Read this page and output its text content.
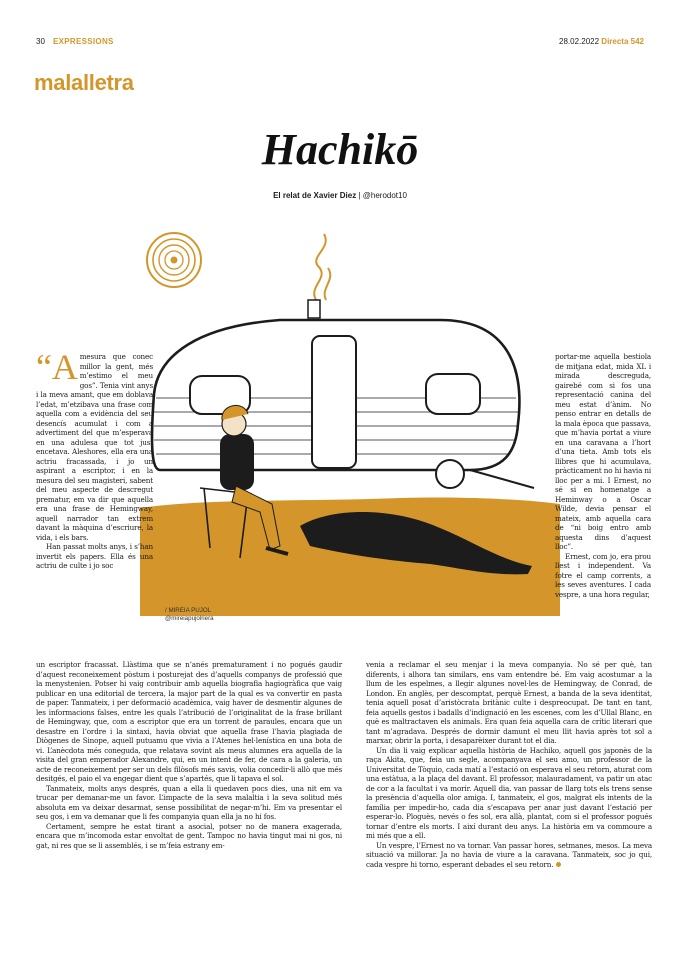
30 EXPRESSIONS	28.02.2022 Directa 542
malalletra
Hachikō
El relat de Xavier Diez | @herodot10
/ MIREIA PUJOL
@mireiapujolriera

“Amesura que conec millor la gent, més m’estimo el meu gos”. Tenia vint anys i la meva amant, que em doblava l’edat, m’etzibava una frase com aquella com a evidència del seu desencís acumulat i com a advertiment del que m’esperava en una adulesa que tot just encetava. Aleshores, ella era una actriu fracassada, i jo un aspirant a escriptor, i en la mesura del seu magisteri, sabent del meu aspecte de descregut prematur, em va dir que aquella era una frase de Hemingway, aquell narrador tan extrem davant la màquina d’escriure, la vida, i els bars.

Han passat molts anys, i s’han invertit els papers. Ella és una actriu de culte i jo soc

portar-me aquella bestiola de mitjana edat, mida XL i mirada descreguda, gairebé com si fos una representació canina del meu estat d’ànim. No penso entrar en detalls de la mala època que passava, que m’havia portat a viure en una caravana a l’hort d’una tieta. Amb tots els llibres que hi acumulava, pràcticament no hi havia ni lloc per a mi. I Ernest, no sé si en homenatge a Heminway o a Oscar Wilde, devia pensar el mateix, amb aquella cara de “ni boig entro amb aquesta dins d’aquest lloc”.

Ernest, com jo, era prou llest i independent. Va fotre el camp corrents, a les seves aventures. I cada vespre, a una hora regular,

un escriptor fracassat. Llàstima que se n’anés prematurament i no pogués gaudir d’aquest reconeixement pòstum i posturejat des d’aquells companys de professió que la menystenien. Potser hi vaig contribuir amb aquella biografia hagiogràfica que vaig publicar en una editorial de tercera, la major part de la qual es va convertir en pasta de paper. Tanmateix, i per deformació acadèmica, vaig haver de desmentir algunes de les informacions falses, entre les quals l’atribució de l’originalitat de la frase brillant de Hemingway, que, com a escriptor que era un torrent de paraules, encara que un desastre en l’ordre i la sintaxi, havia obviat que aquella frase l’havia plagiada de Diògenes de Sinope, aquell putuamu que vivia a l’Atenes hel·lenística en una bota de vi. L’anècdota més coneguda, que relatava sovint als meus alumnes era aquella de la visita del gran emperador Alexandre, qui, en un intent de fer, de cara a la galeria, un acte de reconeixement per ser un dels filòsofs més savis, volia concedir-li allò que més desitgés, el paio el va engegar dient que s’apartés, que li tapava el sol.

Tanmateix, molts anys després, quan a ella li quedaven pocs dies, una nit em va trucar per demanar-me un favor. L’impacte de la seva malaltia i la seva solitud més absoluta em va deixar desarmat, sense possibilitat de negar-m’hi. Em va presentar el seu gos, i em va demanar que li fes companyia quan ella ja no hi fos.

Certament, sempre he estat tirant a asocial, potser no de manera exagerada, encara que m’incomoda estar envoltat de gent. Tampoc no havia tingut mai ni gos, ni gat, ni res que se li assemblés, i se m’feia estrany em-

venia a reclamar el seu menjar i la meva companyia. No sé per què, tan diferents, i alhora tan similars, ens vam entendre bé. Em vaig acostumar a la llum de les espelmes, a llegir algunes novel·les de Hemingway, de Conrad, de London. En anglès, per descomptat, perquè Ernest, a banda de la seva identitat, tenia aquell posat d’aristòcrata britànic culte i despreocupat. De tant en tant, feia aquells gestos i badalls d’indignació en les escenes, com les d’Ullal Blanc, en què es maltractaven els animals. Era quan feia aquella cara de crític literari que tant m’agradava. Després de dormir damunt el meu llit havia après tot sol a marxar, obrir la porta, i desaparèixer durant tot el dia.

Un dia li vaig explicar aquella història de Hachiko, aquell gos japonès de la raça Akita, que, feia un segle, acompanyava el seu amo, un professor de la Universitat de Tòquio, cada matí a l’estació on esperava el seu retorn, aturat com una estàtua, a la plaça del davant. El professor, malauradament, va patir un atac de cor a la facultat i va morir. Aquell dia, van passar de llarg tots els trens sense la presència d’aquella olor amiga. I, tanmateix, el gos, malgrat els intents de la família per impedir-ho, cada dia s’escapava per anar just davant l’estació per esperar-lo. Ploguès, nevés o fes sol, era allà, plantat, com si el professor pogués tornar d’entre els morts. I així durant deu anys. La història em va commoure a mi més que a ell.

Un vespre, l’Ernest no va tornar. Van passar hores, setmanes, mesos. La meva situació va millorar. Ja no havia de viure a la caravana. Tanmateix, soc jo qui, cada vespre hi torno, esperant debades el seu retorn.
